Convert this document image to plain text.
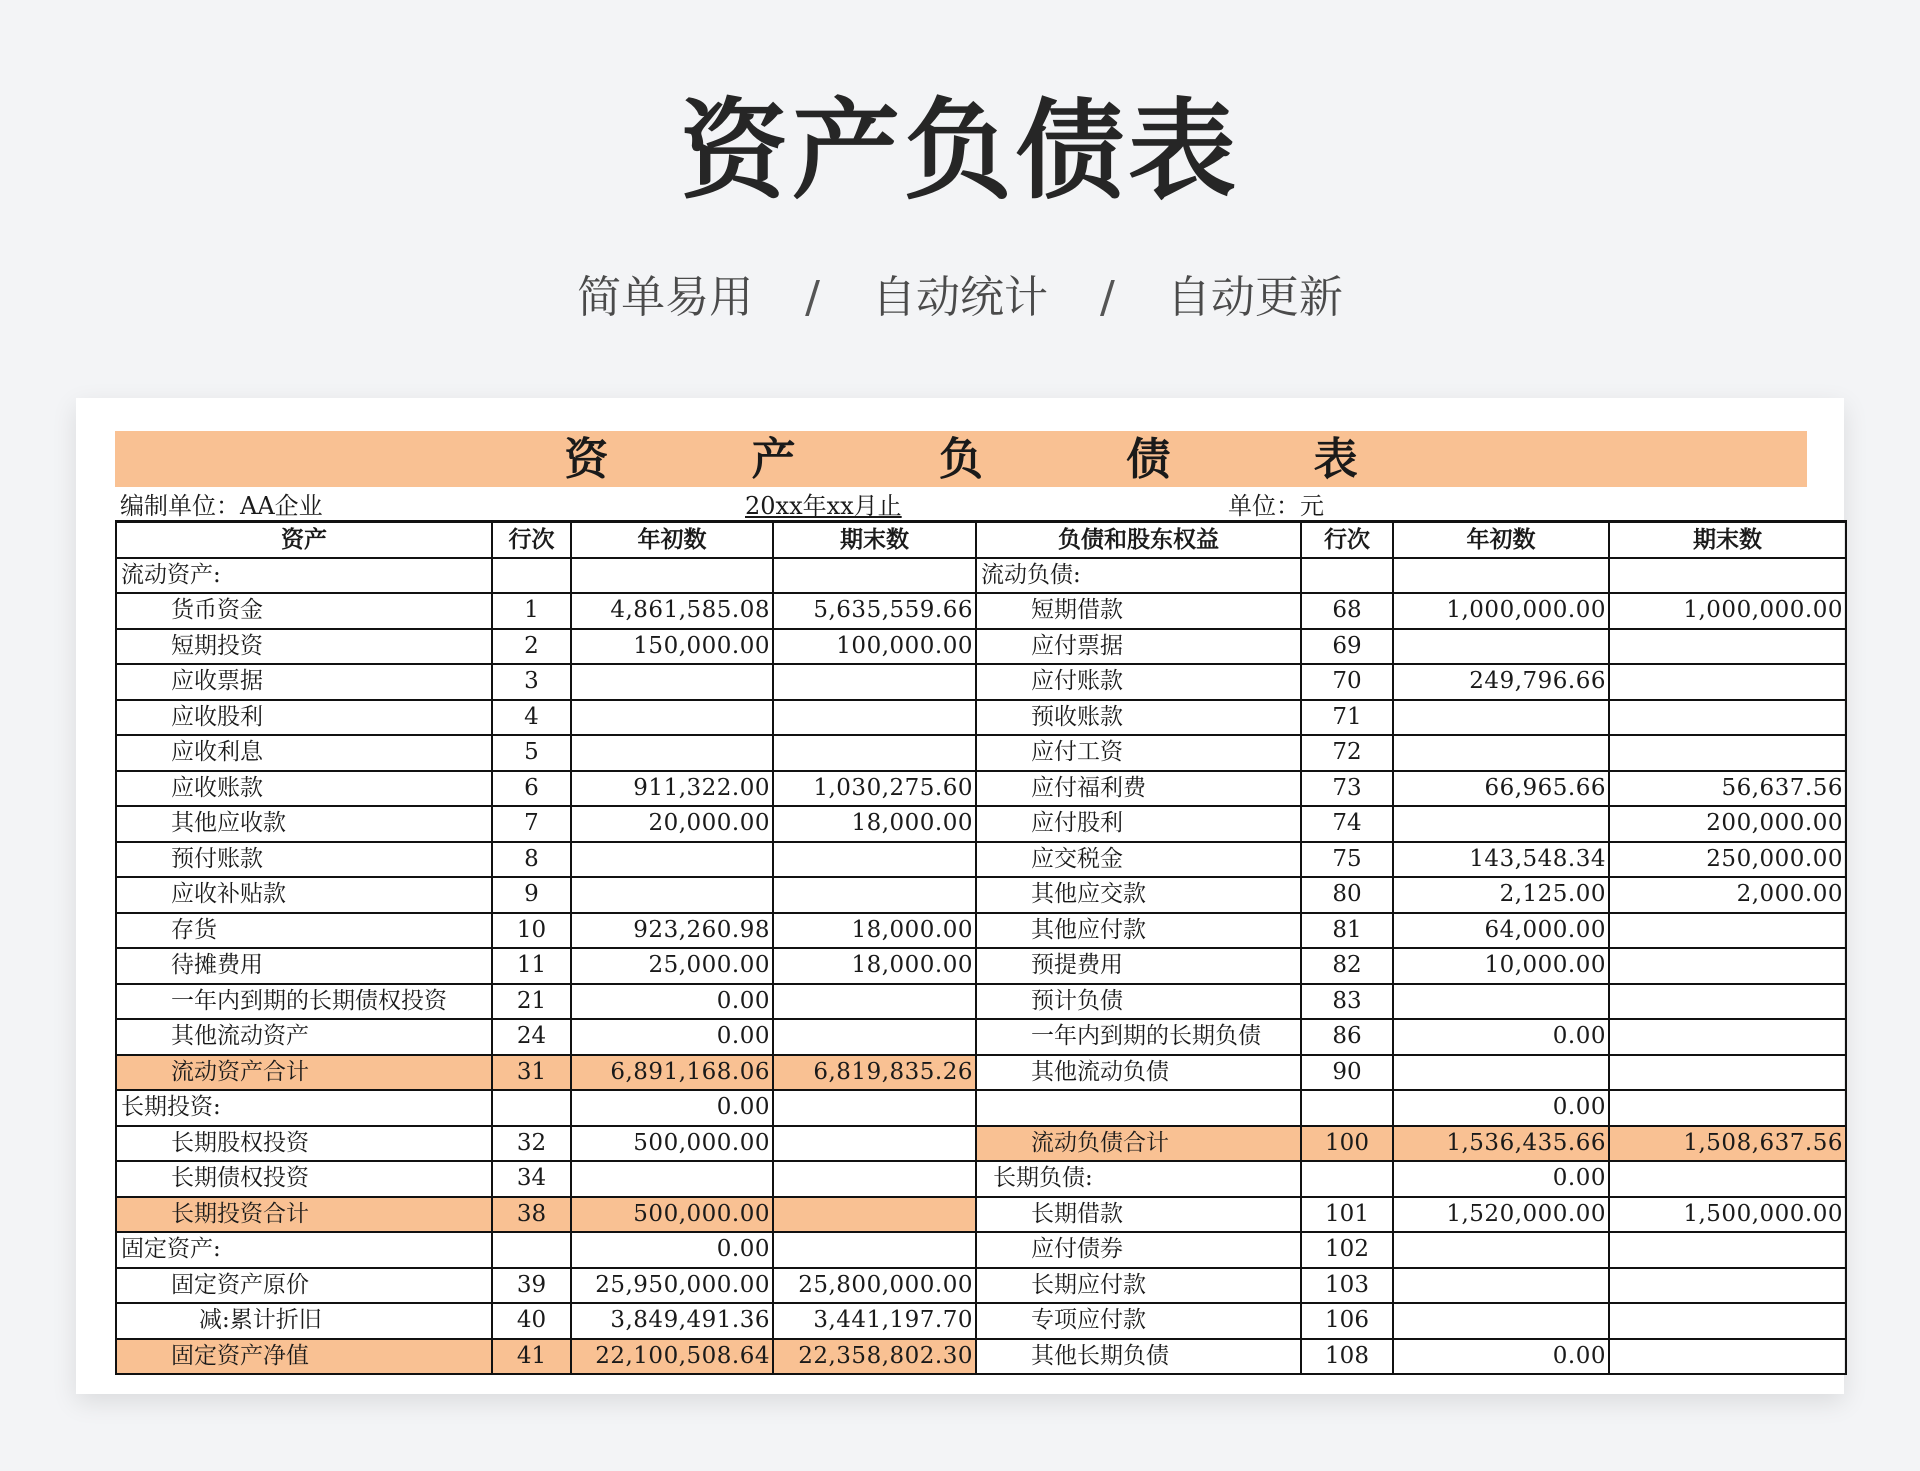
资产负债表
简单易用 / 自动统计 / 自动更新
资 产 负 债 表
编制单位：AA企业	20xx年xx月止	单位：元
资产	行次	年初数	期末数	负债和股东权益	行次	年初数	期末数
流动资产:				流动负债:			
货币资金	1	4,861,585.08	5,635,559.66	短期借款	68	1,000,000.00	1,000,000.00
短期投资	2	150,000.00	100,000.00	应付票据	69		
应收票据	3			应付账款	70	249,796.66	
应收股利	4			预收账款	71		
应收利息	5			应付工资	72		
应收账款	6	911,322.00	1,030,275.60	应付福利费	73	66,965.66	56,637.56
其他应收款	7	20,000.00	18,000.00	应付股利	74		200,000.00
预付账款	8			应交税金	75	143,548.34	250,000.00
应收补贴款	9			其他应交款	80	2,125.00	2,000.00
存货	10	923,260.98	18,000.00	其他应付款	81	64,000.00	
待摊费用	11	25,000.00	18,000.00	预提费用	82	10,000.00	
一年内到期的长期债权投资	21	0.00		预计负债	83		
其他流动资产	24	0.00		一年内到期的长期负债	86	0.00	
流动资产合计	31	6,891,168.06	6,819,835.26	其他流动负债	90		
长期投资:		0.00				0.00	
长期股权投资	32	500,000.00		流动负债合计	100	1,536,435.66	1,508,637.56
长期债权投资	34			长期负债:		0.00	
长期投资合计	38	500,000.00		长期借款	101	1,520,000.00	1,500,000.00
固定资产:		0.00		应付债券	102		
固定资产原价	39	25,950,000.00	25,800,000.00	长期应付款	103		
减:累计折旧	40	3,849,491.36	3,441,197.70	专项应付款	106		
固定资产净值	41	22,100,508.64	22,358,802.30	其他长期负债	108	0.00	
